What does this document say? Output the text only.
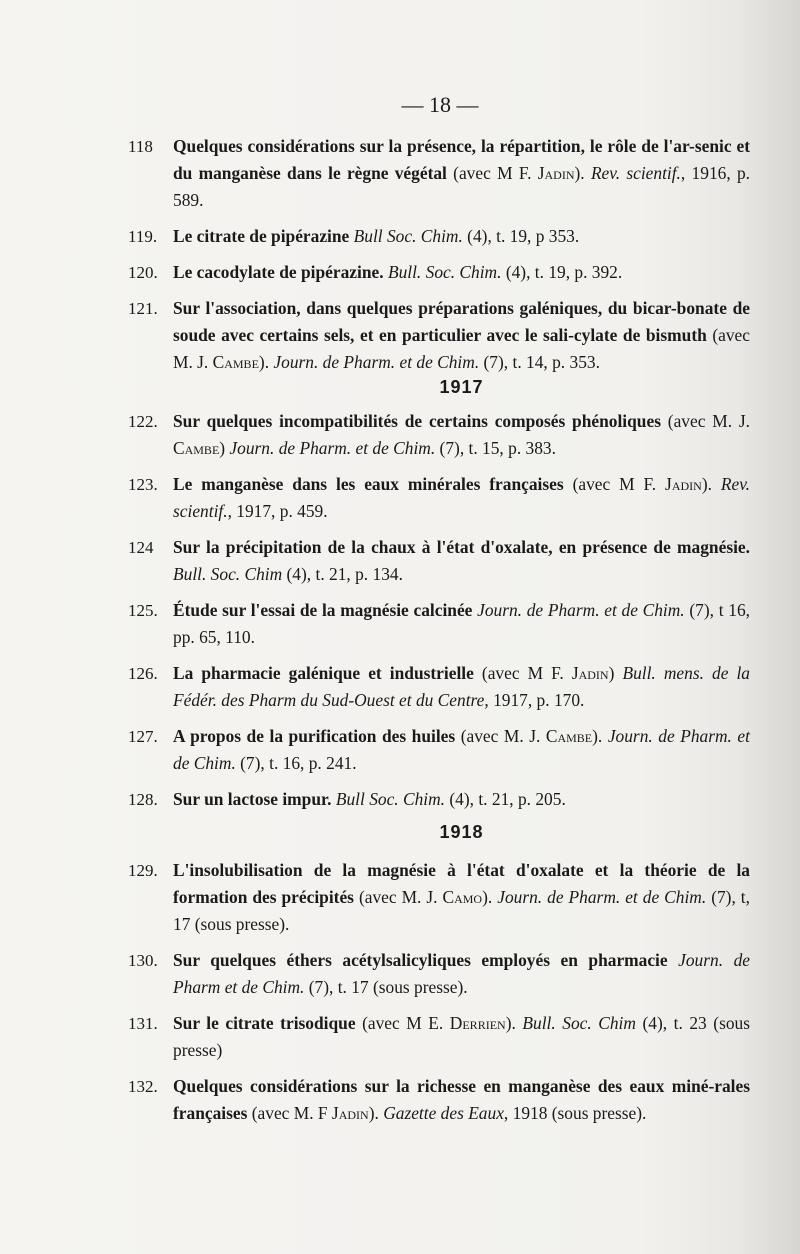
— 18 —
118 Quelques considérations sur la présence, la répartition, le rôle de l'ar-senic et du manganèse dans le règne végétal (avec M F. Jadin). Rev. scientif., 1916, p. 589.
119. Le citrate de pipérazine Bull Soc. Chim. (4), t. 19, p 353.
120. Le cacodylate de pipérazine. Bull. Soc. Chim. (4), t. 19, p. 392.
121. Sur l'association, dans quelques préparations galéniques, du bicar-bonate de soude avec certains sels, et en particulier avec le sali-cylate de bismuth (avec M. J. Cambe). Journ. de Pharm. et de Chim. (7), t. 14, p. 353.
1917
122. Sur quelques incompatibilités de certains composés phénoliques (avec M. J. Cambe) Journ. de Pharm. et de Chim. (7), t. 15, p. 383.
123. Le manganèse dans les eaux minérales françaises (avec M F. Jadin). Rev. scientif., 1917, p. 459.
124 Sur la précipitation de la chaux à l'état d'oxalate, en présence de magnésie. Bull. Soc. Chim (4), t. 21, p. 134.
125. Étude sur l'essai de la magnésie calcinée Journ. de Pharm. et de Chim. (7), t 16, pp. 65, 110.
126. La pharmacie galénique et industrielle (avec M F. Jadin) Bull. mens. de la Fédér. des Pharm du Sud-Ouest et du Centre, 1917, p. 170.
127. A propos de la purification des huiles (avec M. J. Cambe). Journ. de Pharm. et de Chim. (7), t. 16, p. 241.
128. Sur un lactose impur. Bull Soc. Chim. (4), t. 21, p. 205.
1918
129. L'insolubilisation de la magnésie à l'état d'oxalate et la théorie de la formation des précipités (avec M. J. Camo). Journ. de Pharm. et de Chim. (7), t, 17 (sous presse).
130. Sur quelques éthers acétylsalicyliques employés en pharmacie Journ. de Pharm et de Chim. (7), t. 17 (sous presse).
131. Sur le citrate trisodique (avec M E. Derrien). Bull. Soc. Chim (4), t. 23 (sous presse)
132. Quelques considérations sur la richesse en manganèse des eaux miné-rales françaises (avec M. F Jadin). Gazette des Eaux, 1918 (sous presse).
